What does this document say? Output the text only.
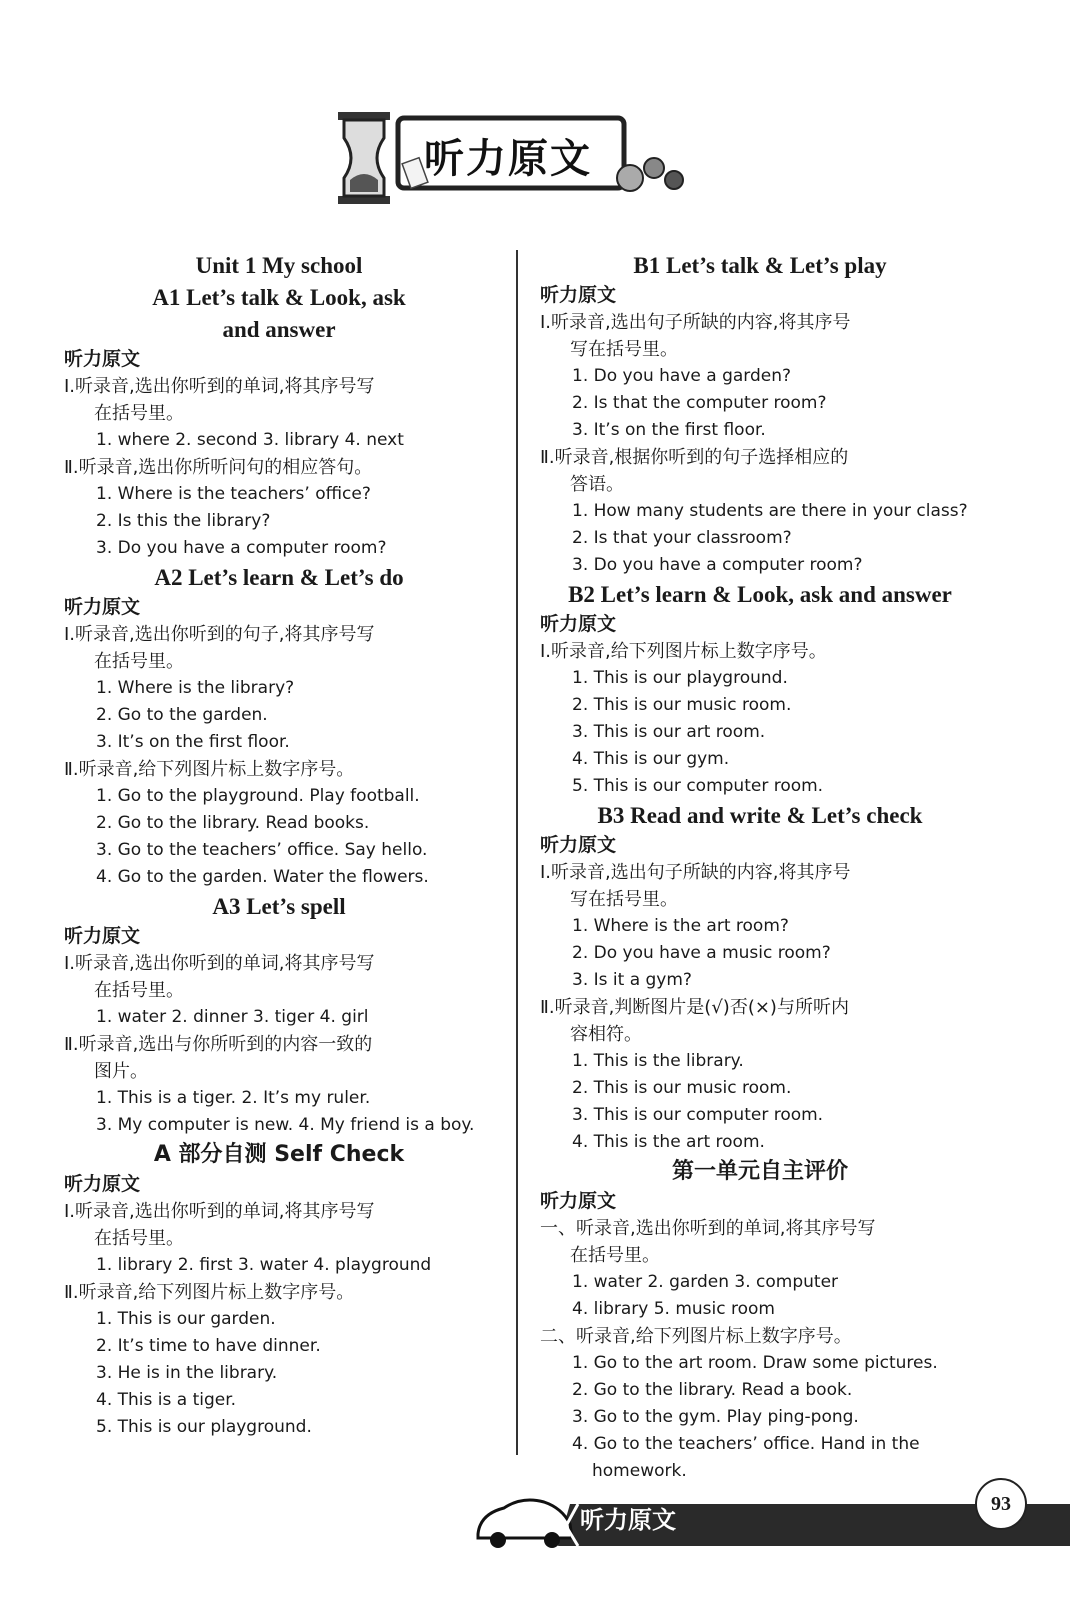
听力原文
Unit 1 My school
A1 Let’s talk & Look, ask
and answer
听力原文
Ⅰ.听录音,选出你听到的单词,将其序号写
在括号里。
1. where 2. second 3. library 4. next
Ⅱ.听录音,选出你所听问句的相应答句。
1. Where is the teachers’ office?
2. Is this the library?
3. Do you have a computer room?
A2 Let’s learn & Let’s do
听力原文
Ⅰ.听录音,选出你听到的句子,将其序号写
在括号里。
1. Where is the library?
2. Go to the garden.
3. It’s on the first floor.
Ⅱ.听录音,给下列图片标上数字序号。
1. Go to the playground. Play football.
2. Go to the library. Read books.
3. Go to the teachers’ office. Say hello.
4. Go to the garden. Water the flowers.
A3 Let’s spell
听力原文
Ⅰ.听录音,选出你听到的单词,将其序号写
在括号里。
1. water 2. dinner 3. tiger 4. girl
Ⅱ.听录音,选出与你所听到的内容一致的
图片。
1. This is a tiger. 2. It’s my ruler.
3. My computer is new. 4. My friend is a boy.
A 部分自测 Self Check
听力原文
Ⅰ.听录音,选出你听到的单词,将其序号写
在括号里。
1. library 2. first 3. water 4. playground
Ⅱ.听录音,给下列图片标上数字序号。
1. This is our garden.
2. It’s time to have dinner.
3. He is in the library.
4. This is a tiger.
5. This is our playground.
B1 Let’s talk & Let’s play
听力原文
Ⅰ.听录音,选出句子所缺的内容,将其序号
写在括号里。
1. Do you have a garden?
2. Is that the computer room?
3. It’s on the first floor.
Ⅱ.听录音,根据你听到的句子选择相应的
答语。
1. How many students are there in your class?
2. Is that your classroom?
3. Do you have a computer room?
B2 Let’s learn & Look, ask and answer
听力原文
Ⅰ.听录音,给下列图片标上数字序号。
1. This is our playground.
2. This is our music room.
3. This is our art room.
4. This is our gym.
5. This is our computer room.
B3 Read and write & Let’s check
听力原文
Ⅰ.听录音,选出句子所缺的内容,将其序号
写在括号里。
1. Where is the art room?
2. Do you have a music room?
3. Is it a gym?
Ⅱ.听录音,判断图片是(√)否(×)与所听内
容相符。
1. This is the library.
2. This is our music room.
3. This is our computer room.
4. This is the art room.
第一单元自主评价
听力原文
一、听录音,选出你听到的单词,将其序号写
在括号里。
1. water 2. garden 3. computer
4. library 5. music room
二、听录音,给下列图片标上数字序号。
1. Go to the art room. Draw some pictures.
2. Go to the library. Read a book.
3. Go to the gym. Play ping-pong.
4. Go to the teachers’ office. Hand in the
homework.
听力原文
93
